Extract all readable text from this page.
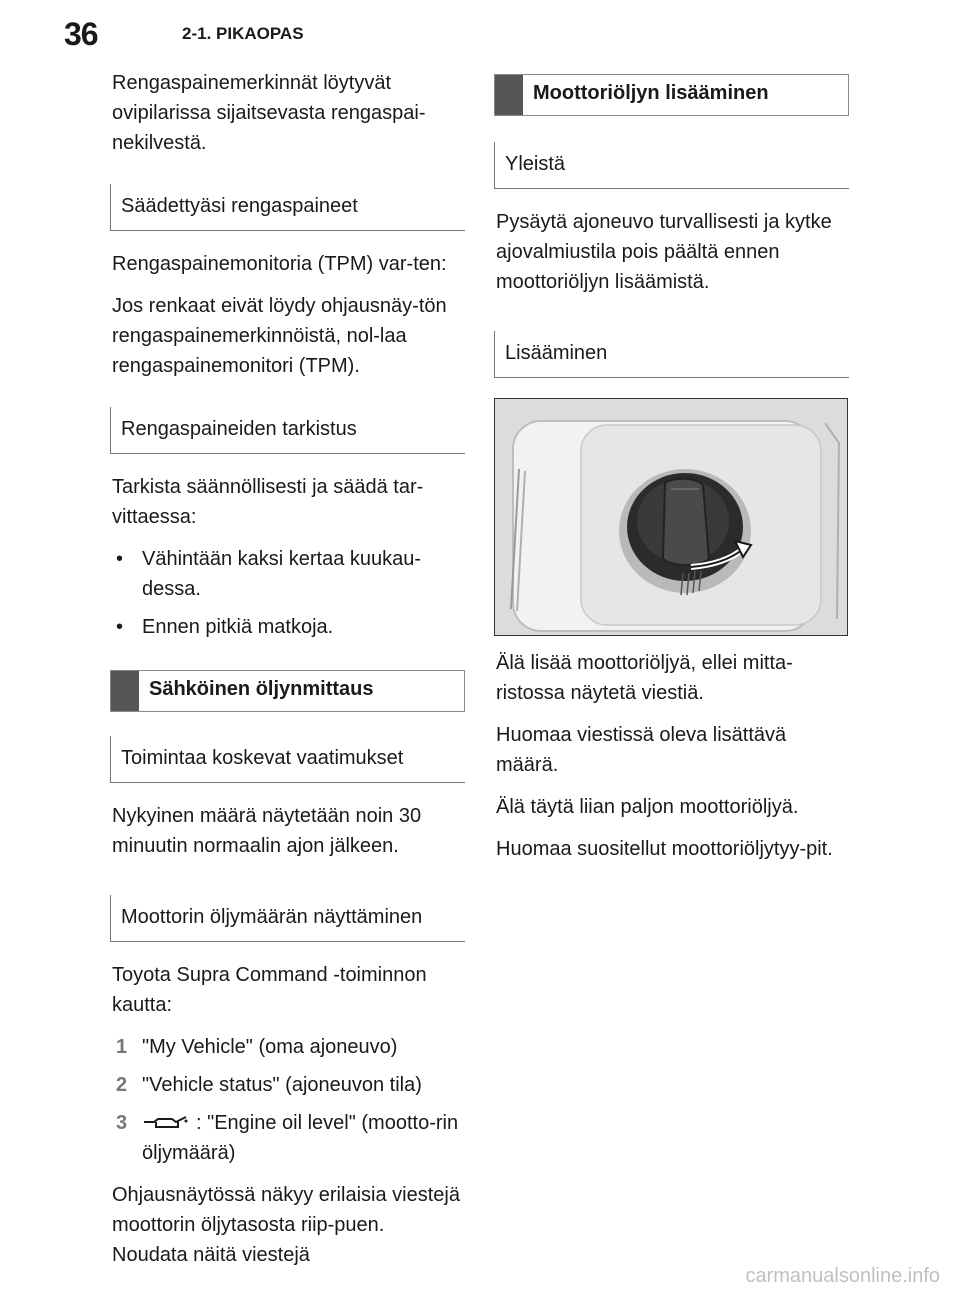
36	2-1. PIKAOPAS

Rengaspainemerkinnät löytyvät ovipilarissa sijaitsevasta rengaspai-nekilvestä.

Säädettyäsi rengaspaineet

Rengaspainemonitoria (TPM) var-ten:

Jos renkaat eivät löydy ohjausnäy-tön rengaspainemerkinnöistä, nol-laa rengaspainemonitori (TPM).

Rengaspaineiden tarkistus

Tarkista säännöllisesti ja säädä tar-vittaessa:

• Vähintään kaksi kertaa kuukau-dessa.
• Ennen pitkiä matkoja.
Sähköinen öljynmittaus
Toimintaa koskevat vaatimukset

Nykyinen määrä näytetään noin 30 minuutin normaalin ajon jälkeen.

Moottorin öljymäärän näyttäminen

Toyota Supra Command -toiminnon kautta:

1 "My Vehicle" (oma ajoneuvo)
2 "Vehicle status" (ajoneuvon tila)
3	: "Engine oil level" (mootto-rin öljymäärä)

Ohjausnäytössä näkyy erilaisia viestejä moottorin öljytasosta riip-puen. Noudata näitä viestejä

Moottoriöljyn lisääminen
Yleistä

Pysäytä ajoneuvo turvallisesti ja kytke ajovalmiustila pois päältä ennen moottoriöljyn lisäämistä.

Lisääminen

Älä lisää moottoriöljyä, ellei mitta-ristossa näytetä viestiä.

Huomaa viestissä oleva lisättävä määrä.

Älä täytä liian paljon moottoriöljyä.

Huomaa suositellut moottoriöljytyy-pit.

carmanualsonline.info
